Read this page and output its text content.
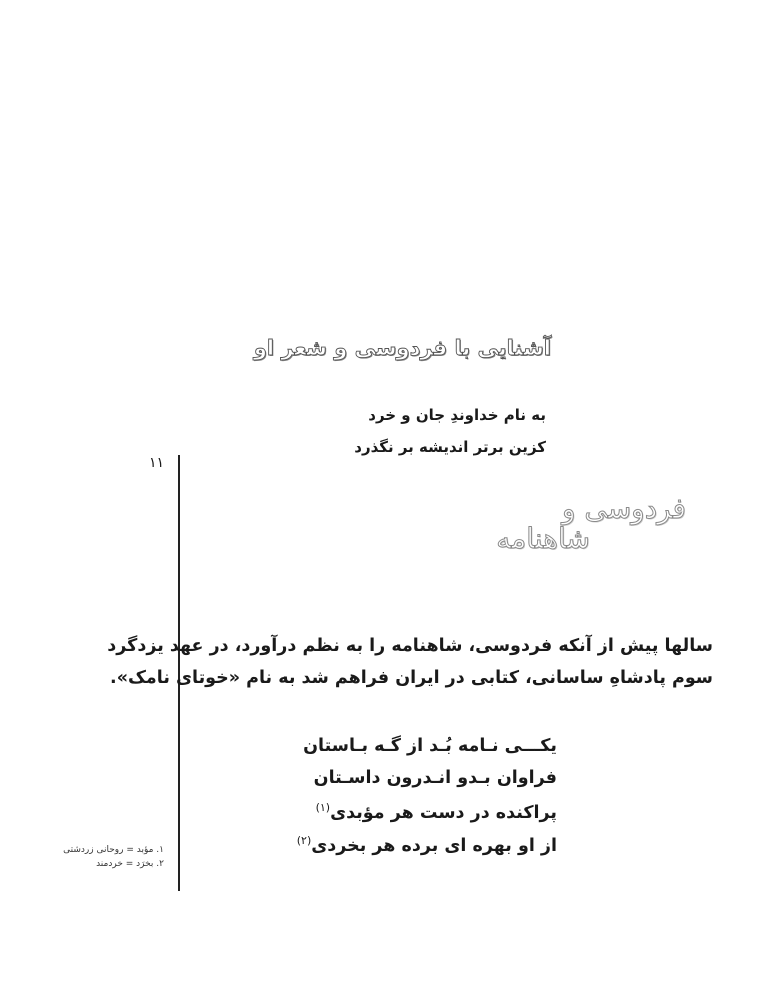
آشنایی با فردوسی و شعر او
به نام خداوندِ جان و خرد
کزین برتر اندیشه بر نگذرد
۱۱
فردوسی و
شاهنامه
سالها پیش از آنکه فردوسی، شاهنامه را به نظم درآورد، در عهد یزدگرد
سوم پادشاهِ ساسانی، کتابی در ایران فراهم شد به نام «خوتای نامک».
یکـــی نـامه بُـد از گـه بـاستان
فراوان بـدو انـدرون داسـتان
پراکنده در دست هر مؤبدی$^{(۱)}$
از او بهره ای برده هر بخردی$^{(۲)}$
۱. مؤبد = روحانی زردشتی
۲. بخرَد = خردمند
